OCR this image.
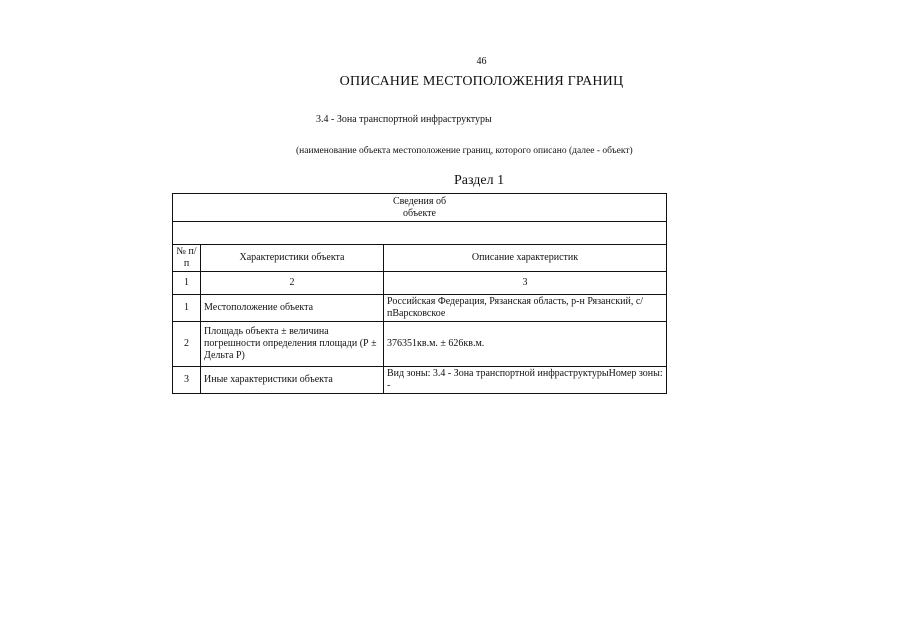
46
ОПИСАНИЕ МЕСТОПОЛОЖЕНИЯ ГРАНИЦ
3.4 - Зона транспортной инфраструктуры
(наименование объекта местоположение границ, которого описано (далее - объект)
Раздел 1
Сведения об
объекте		

№ п/п	Характеристики объекта	Описание характеристик
1	2	3
1	Местоположение объекта	Российская Федерация, Рязанская область, р-н Рязанский, с/пВарсковское
2	Площадь объекта ± величина погрешности определения площади (Р ± Дельта Р)	376351кв.м. ± 626кв.м.
3	Иные характеристики объекта	Вид зоны: 3.4 - Зона транспортной инфраструктурыНомер зоны: -
